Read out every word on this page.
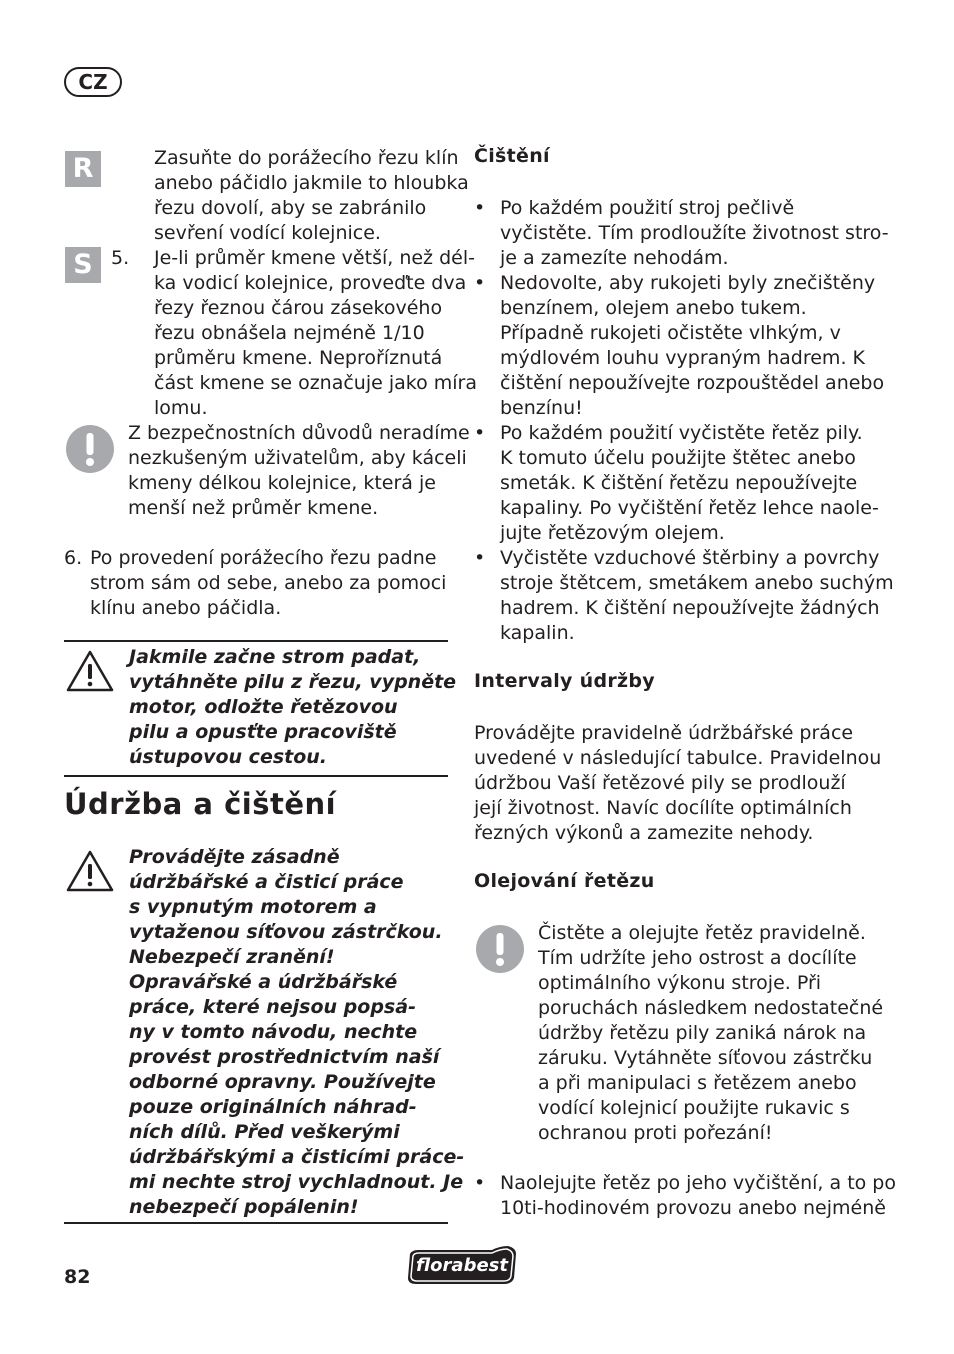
CZ
R	Zasuňte do porážecího řezu klín
anebo páčidlo jakmile to hloubka
řezu dovolí, aby se zabránilo
sevření vodící kolejnice.
S 5. Je-li průměr kmene větší, než dél-
ka vodicí kolejnice, proveďte dva
řezy řeznou čárou zásekového
řezu obnášela nejméně 1/10
průměru kmene. Neproříznutá
část kmene se označuje jako míra
lomu.
Z bezpečnostních důvodů neradíme
nezkušeným uživatelům, aby káceli
kmeny délkou kolejnice, která je
menší než průměr kmene.
6. Po provedení porážecího řezu padne
strom sám od sebe, anebo za pomoci
klínu anebo páčidla.
Jakmile začne strom padat,
vytáhněte pilu z řezu, vypněte
motor, odložte řetězovou
pilu a opusťte pracoviště
ústupovou cestou.
Údržba a čištění
Provádějte zásadně
údržbářské a čisticí práce
s vypnutým motorem a
vytaženou síťovou zástrčkou.
Nebezpečí zranění!
Opravářské a údržbářské
práce, které nejsou popsá-
ny v tomto návodu, nechte
provést prostřednictvím naší
odborné opravny. Používejte
pouze originálních náhrad-
ních dílů. Před veškerými
údržbářskými a čisticími práce-
mi nechte stroj vychladnout. Je
nebezpečí popálenin!
Čištění
• Po každém použití stroj pečlivě
vyčistěte. Tím prodloužíte životnost stro-
je a zamezíte nehodám.
• Nedovolte, aby rukojeti byly znečištěny
benzínem, olejem anebo tukem.
Případně rukojeti očistěte vlhkým, v
mýdlovém louhu vypraným hadrem. K
čištění nepoužívejte rozpouštědel anebo
benzínu!
• Po každém použití vyčistěte řetěz pily.
K tomuto účelu použijte štětec anebo
smeták. K čištění řetězu nepoužívejte
kapaliny. Po vyčištění řetěz lehce naole-
jujte řetězovým olejem.
• Vyčistěte vzduchové štěrbiny a povrchy
stroje štětcem, smetákem anebo suchým
hadrem. K čištění nepoužívejte žádných
kapalin.
Intervaly údržby
Provádějte pravidelně údržbářské práce
uvedené v následující tabulce. Pravidelnou
údržbou Vaší řetězové pily se prodlouží
její životnost. Navíc docílíte optimálních
řezných výkonů a zamezite nehody.
Olejování řetězu
Čistěte a olejujte řetěz pravidelně.
Tím udržíte jeho ostrost a docílíte
optimálního výkonu stroje. Při
poruchách následkem nedostatečné
údržby řetězu pily zaniká nárok na
záruku. Vytáhněte síťovou zástrčku
a při manipulaci s řetězem anebo
vodící kolejnicí použijte rukavic s
ochranou proti pořezání!
• Naolejujte řetěz po jeho vyčištění, a to po
10ti-hodinovém provozu anebo nejméně
82
florabest
